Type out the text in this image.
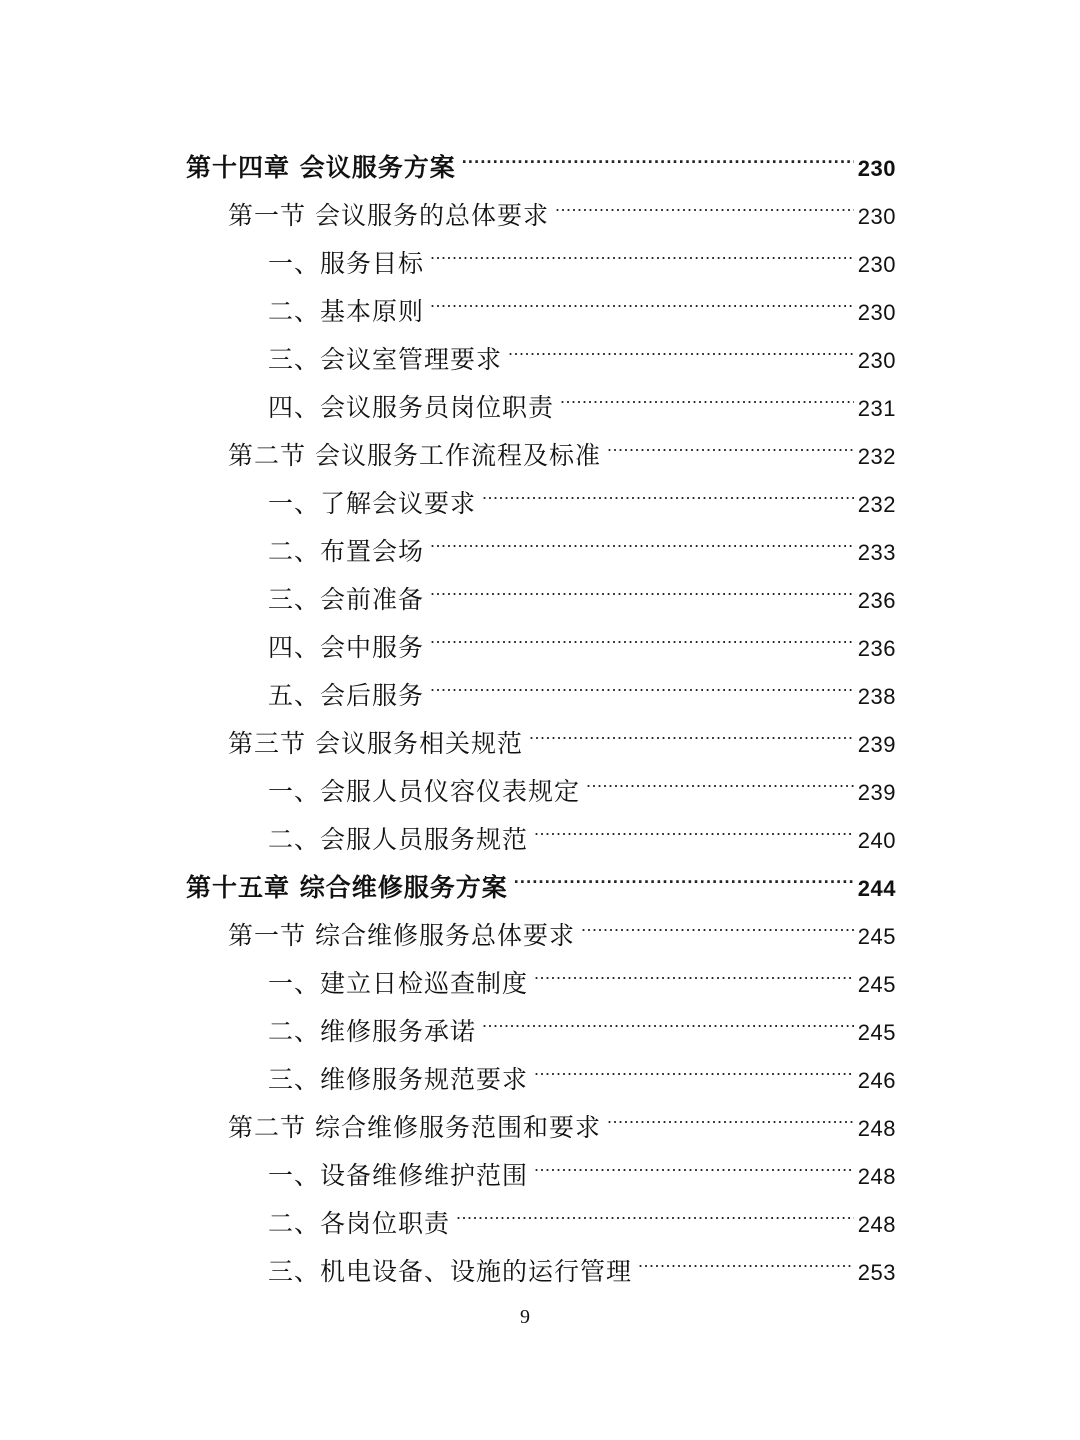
第十四章 会议服务方案 .....	230
第一节 会议服务的总体要求 .....	230
一、服务目标 .....	230
二、基本原则 .....	230
三、会议室管理要求 .....	230
四、会议服务员岗位职责 .....	231
第二节 会议服务工作流程及标准 .....	232
一、了解会议要求 .....	232
二、布置会场 .....	233
三、会前准备 .....	236
四、会中服务 .....	236
五、会后服务 .....	238
第三节 会议服务相关规范 .....	239
一、会服人员仪容仪表规定 .....	239
二、会服人员服务规范 .....	240
第十五章 综合维修服务方案 .....	244
第一节 综合维修服务总体要求 .....	245
一、建立日检巡查制度 .....	245
二、维修服务承诺 .....	245
三、维修服务规范要求 .....	246
第二节 综合维修服务范围和要求 .....	248
一、设备维修维护范围 .....	248
二、各岗位职责 .....	248
三、机电设备、设施的运行管理 .....	253
9
